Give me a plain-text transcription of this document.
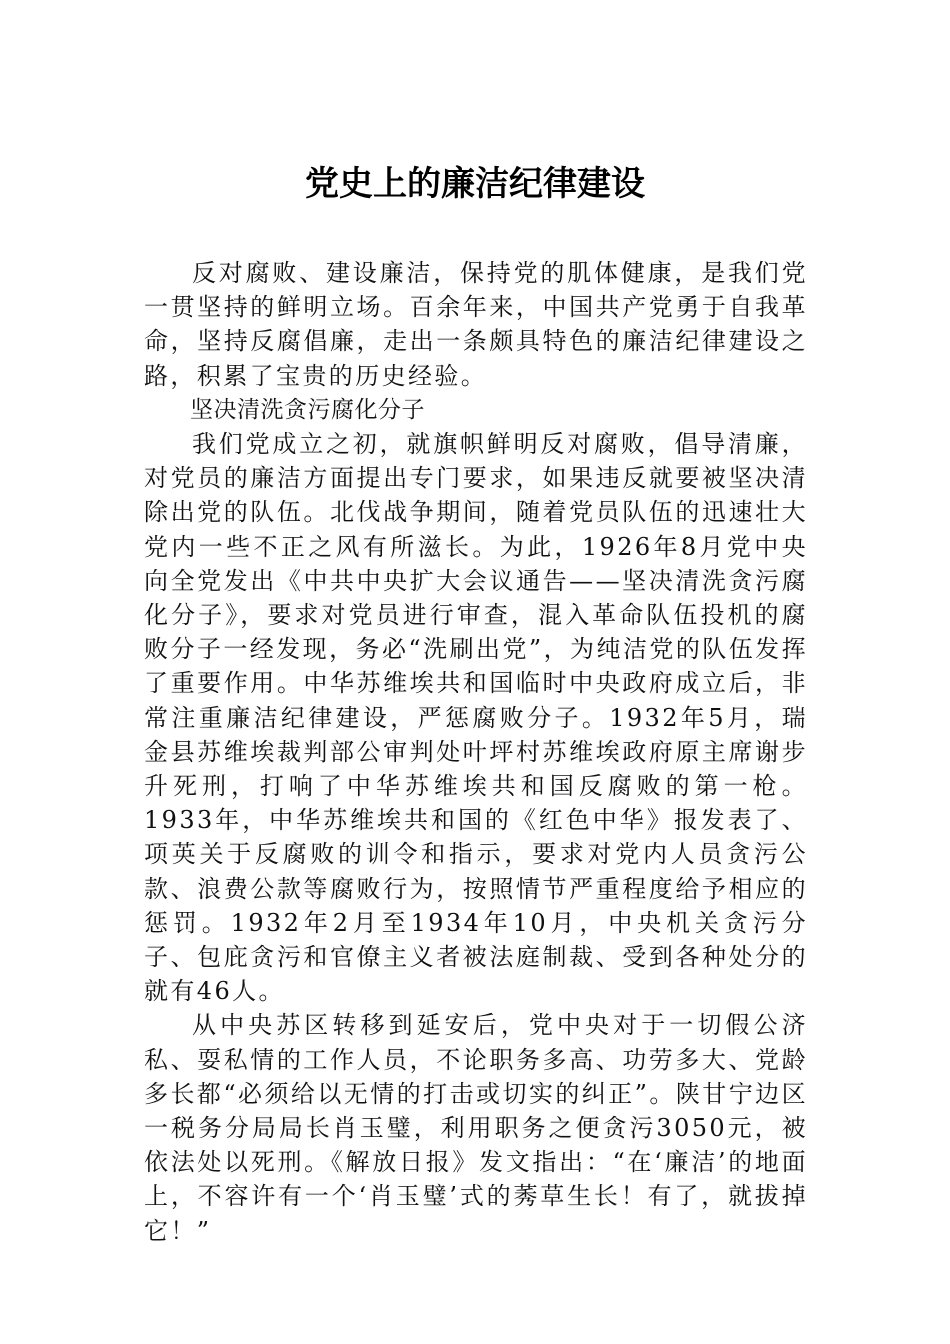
党史上的廉洁纪律建设

反对腐败、建设廉洁，保持党的肌体健康，是我们党一贯坚持的鲜明立场。百余年来，中国共产党勇于自我革命，坚持反腐倡廉，走出一条颇具特色的廉洁纪律建设之路，积累了宝贵的历史经验。

坚决清洗贪污腐化分子

我们党成立之初，就旗帜鲜明反对腐败，倡导清廉，对党员的廉洁方面提出专门要求，如果违反就要被坚决清除出党的队伍。北伐战争期间，随着党员队伍的迅速壮大党内一些不正之风有所滋长。为此，1926年8月党中央向全党发出《中共中央扩大会议通告——坚决清洗贪污腐化分子》，要求对党员进行审查，混入革命队伍投机的腐败分子一经发现，务必“洗刷出党”，为纯洁党的队伍发挥了重要作用。中华苏维埃共和国临时中央政府成立后，非常注重廉洁纪律建设，严惩腐败分子。1932年5月，瑞金县苏维埃裁判部公审判处叶坪村苏维埃政府原主席谢步升死刑，打响了中华苏维埃共和国反腐败的第一枪。1933年，中华苏维埃共和国的《红色中华》报发表了、项英关于反腐败的训令和指示，要求对党内人员贪污公款、浪费公款等腐败行为，按照情节严重程度给予相应的惩罚。1932年2月至1934年10月，中央机关贪污分子、包庇贪污和官僚主义者被法庭制裁、受到各种处分的就有46人。

从中央苏区转移到延安后，党中央对于一切假公济私、耍私情的工作人员，不论职务多高、功劳多大、党龄多长都“必须给以无情的打击或切实的纠正”。陕甘宁边区一税务分局局长肖玉璧，利用职务之便贪污3050元，被依法处以死刑。《解放日报》发文指出：“在‘廉洁’的地面上，不容许有一个‘肖玉璧’式的莠草生长！有了，就拔掉它！”
